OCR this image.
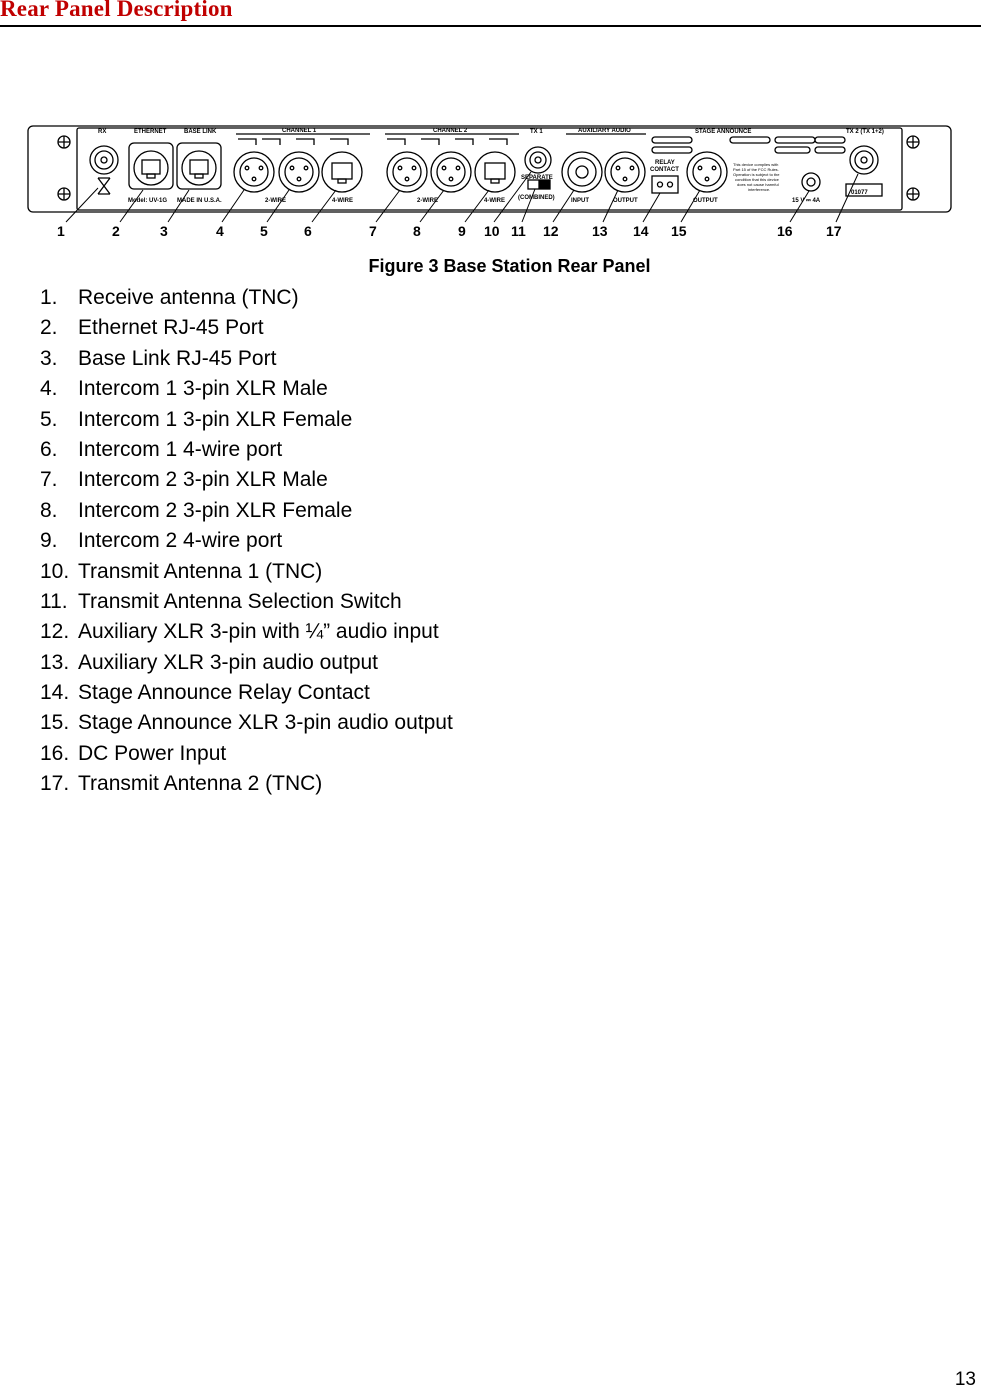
Rear Panel Description
RX	ETHERNET	BASE LINK	CHANNEL 1	CHANNEL 2	TX 1	AUXILIARY AUDIO	STAGE ANNOUNCE	TX 2 (TX 1+2)
Model: UV-1G MADE IN U.S.A.	2-WIRE	4-WIRE	2-WIRE	4-WIRE
SEPARATE
(COMBINED)	INPUT	OUTPUT
RELAY
CONTACT
OUTPUT	15 V ⎓ 4A
01077
This device complies with
Part 15 of the FCC Rules.
Operation is subject to the
condition that this device
does not cause harmful
interference.
1	2	3	4	5	6	7	8	9 10 11 12 13 14 15	16 17
Figure 3 Base Station Rear Panel
1. Receive antenna (TNC)
2. Ethernet RJ-45 Port
3. Base Link RJ-45 Port
4. Intercom 1 3-pin XLR Male
5. Intercom 1 3-pin XLR Female
6. Intercom 1 4-wire port
7. Intercom 2 3-pin XLR Male
8. Intercom 2 3-pin XLR Female
9. Intercom 2 4-wire port
10. Transmit Antenna 1 (TNC)
11. Transmit Antenna Selection Switch
12. Auxiliary XLR 3-pin with ¼” audio input
13. Auxiliary XLR 3-pin audio output
14. Stage Announce Relay Contact
15. Stage Announce XLR 3-pin audio output
16. DC Power Input
17. Transmit Antenna 2 (TNC)
13
